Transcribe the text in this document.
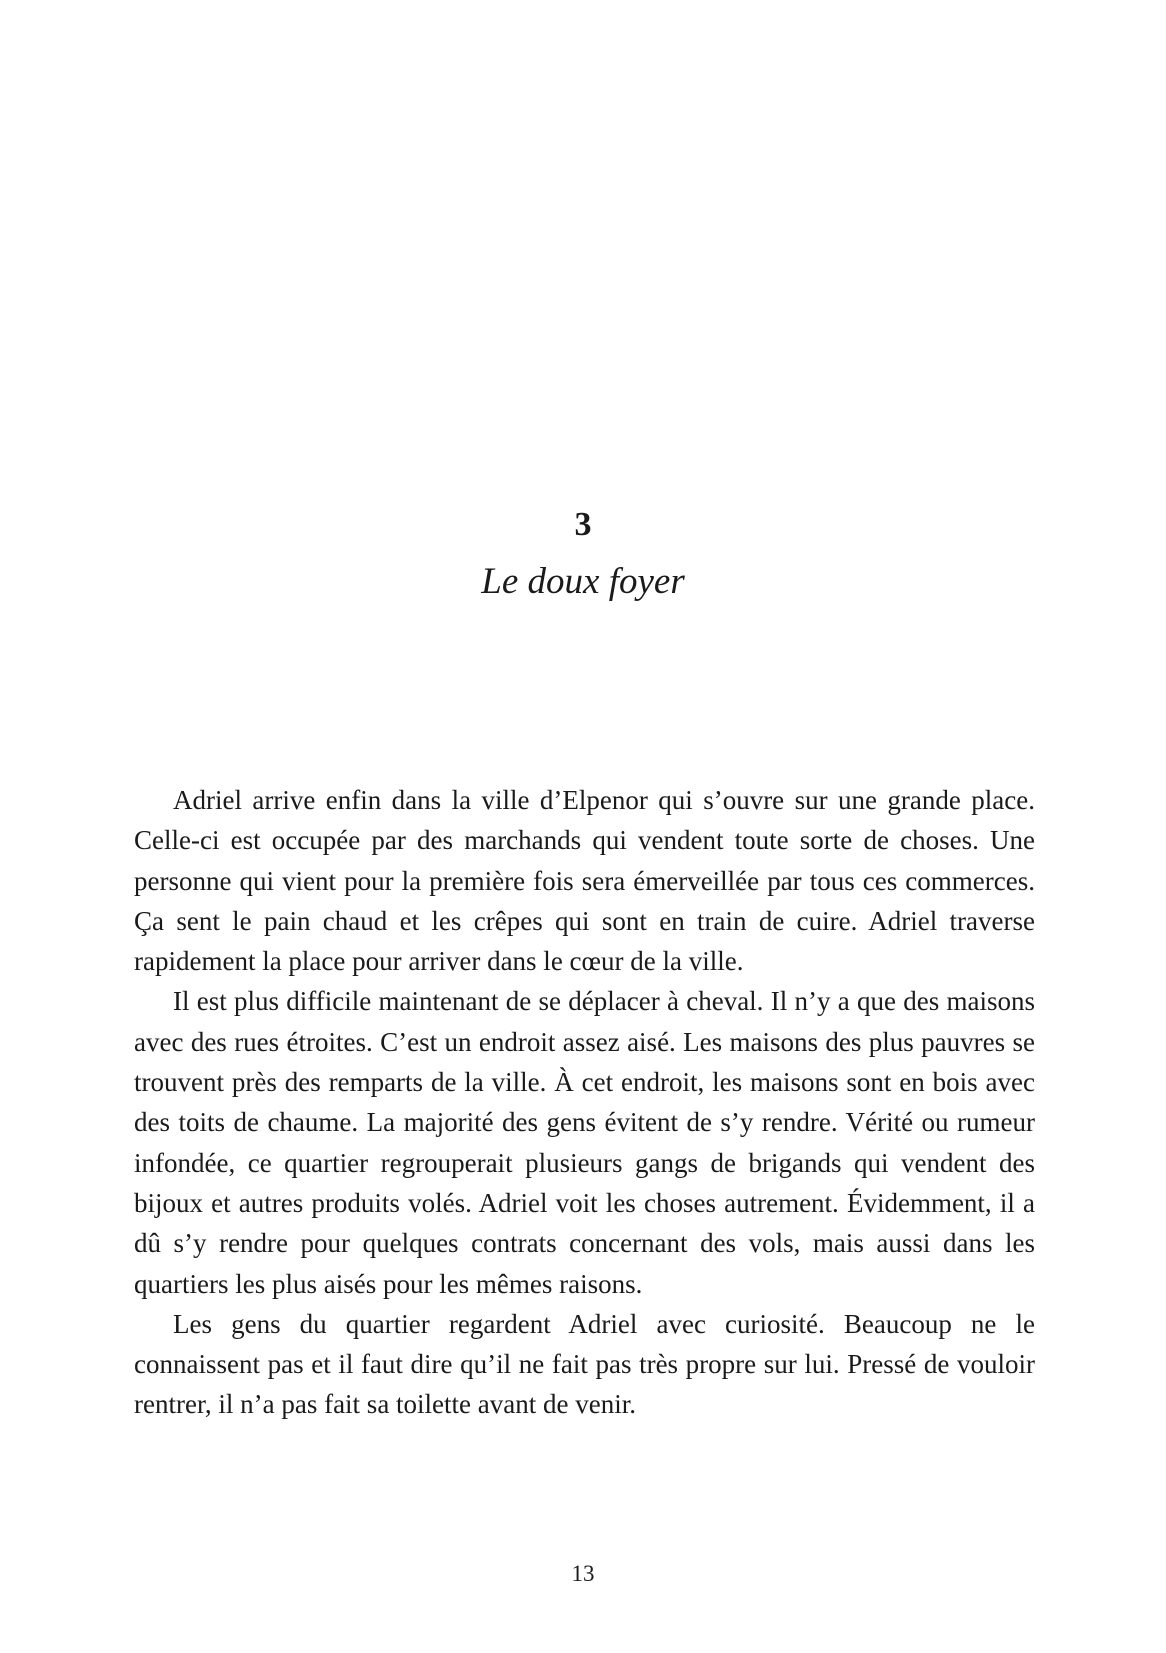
3
Le doux foyer

Adriel arrive enfin dans la ville d’Elpenor qui s’ouvre sur une grande place. Celle-ci est occupée par des marchands qui vendent toute sorte de choses. Une personne qui vient pour la première fois sera émerveillée par tous ces commerces. Ça sent le pain chaud et les crêpes qui sont en train de cuire. Adriel traverse rapidement la place pour arriver dans le cœur de la ville.

Il est plus difficile maintenant de se déplacer à cheval. Il n’y a que des maisons avec des rues étroites. C’est un endroit assez aisé. Les maisons des plus pauvres se trouvent près des remparts de la ville. À cet endroit, les maisons sont en bois avec des toits de chaume. La majorité des gens évitent de s’y rendre. Vérité ou rumeur infondée, ce quartier regrouperait plusieurs gangs de brigands qui vendent des bijoux et autres produits volés. Adriel voit les choses autrement. Évidemment, il a dû s’y rendre pour quelques contrats concernant des vols, mais aussi dans les quartiers les plus aisés pour les mêmes raisons.

Les gens du quartier regardent Adriel avec curiosité. Beaucoup ne le connaissent pas et il faut dire qu’il ne fait pas très propre sur lui. Pressé de vouloir rentrer, il n’a pas fait sa toilette avant de venir.

13
